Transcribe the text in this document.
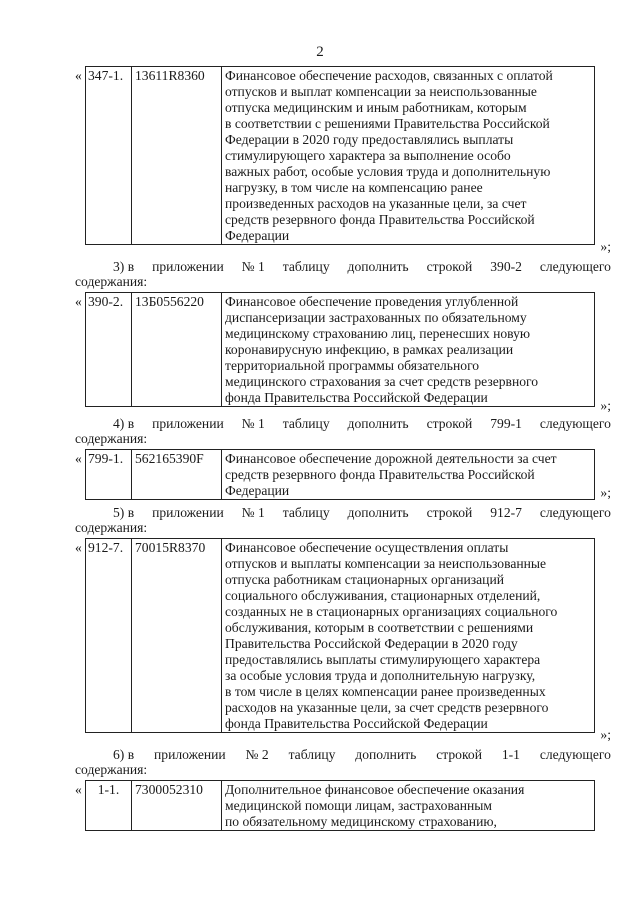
2
« 347-1. 13611R8360	Финансовое обеспечение расходов, связанных с оплатой
отпусков и выплат компенсации за неиспользованные
отпуска медицинским и иным работникам, которым
в соответствии с решениями Правительства Российской
Федерации в 2020 году предоставлялись выплаты
стимулирующего характера за выполнение особо
важных работ, особые условия труда и дополнительную
нагрузку, в том числе на компенсацию ранее
произведенных расходов на указанные цели, за счет
средств резервного фонда Правительства Российской
Федерации
»;
« 390-2. 13Б0556220	Финансовое обеспечение проведения углубленной
диспансеризации застрахованных по обязательному
медицинскому страхованию лиц, перенесших новую
коронавирусную инфекцию, в рамках реализации
территориальной программы обязательного
медицинского страхования за счет средств резервного
фонда Правительства Российской Федерации
»;
« 799-1. 562165390F	Финансовое обеспечение дорожной деятельности за счет
средств резервного фонда Правительства Российской
Федерации	»;
« 912-7. 70015R8370	Финансовое обеспечение осуществления оплаты
отпусков и выплаты компенсации за неиспользованные
отпуска работникам стационарных организаций
социального обслуживания, стационарных отделений,
созданных не в стационарных организациях социального
обслуживания, которым в соответствии с решениями
Правительства Российской Федерации в 2020 году
предоставлялись выплаты стимулирующего характера
за особые условия труда и дополнительную нагрузку,
в том числе в целях компенсации ранее произведенных
расходов на указанные цели, за счет средств резервного
фонда Правительства Российской Федерации
»;
«	1-1.	7300052310	Дополнительное финансовое обеспечение оказания
медицинской помощи лицам, застрахованным
по обязательному медицинскому страхованию,
3) в приложении № 1 таблицу дополнить строкой 390-2 следующего
содержания:
4) в приложении № 1 таблицу дополнить строкой 799-1 следующего
содержания:
5) в приложении № 1 таблицу дополнить строкой 912-7 следующего
содержания:
6) в приложении № 2 таблицу дополнить строкой 1-1 следующего
содержания:
